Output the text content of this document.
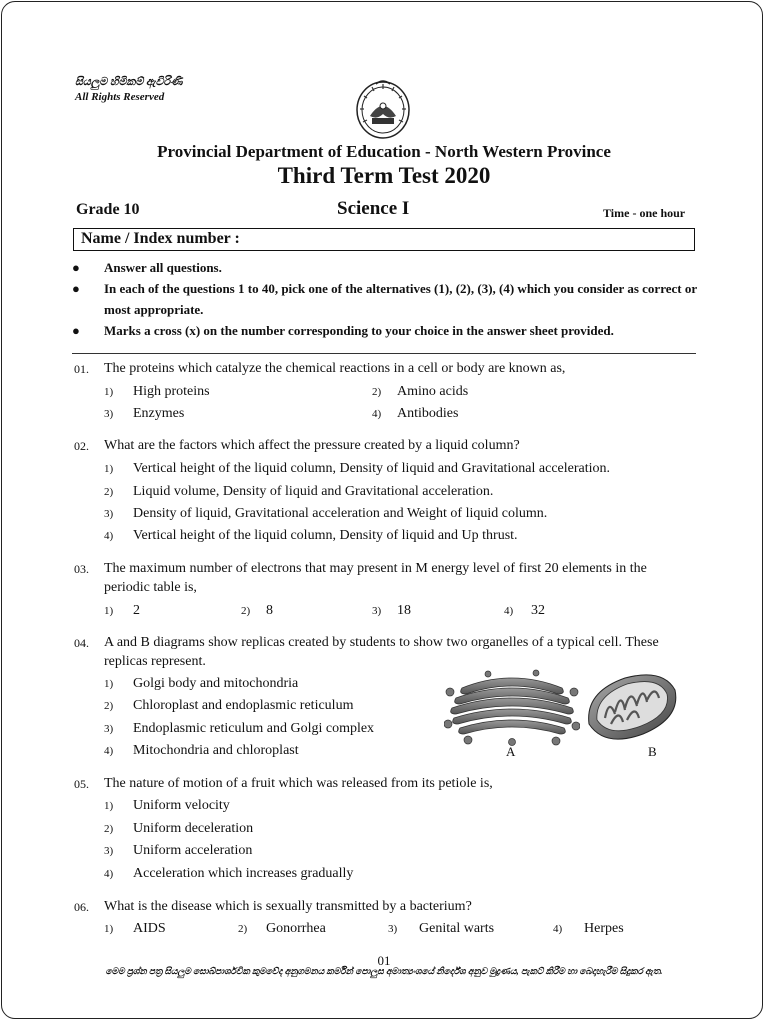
සියලුම හිමිකම් ඇවිරිණි
All Rights Reserved
Provincial Department of Education - North Western Province
Third Term Test 2020
Grade 10	Science I	Time - one hour
Name / Index number :
● Answer all questions.
● In each of the questions 1 to 40, pick one of the alternatives (1), (2), (3), (4) which you consider as correct or most appropriate.
● Marks a cross (x) on the number corresponding to your choice in the answer sheet provided.
01. The proteins which catalyze the chemical reactions in a cell or body are known as,
1) High proteins	2) Amino acids
3) Enzymes	4) Antibodies
02. What are the factors which affect the pressure created by a liquid column?
1) Vertical height of the liquid column, Density of liquid and Gravitational acceleration.
2) Liquid volume, Density of liquid and Gravitational acceleration.
3) Density of liquid, Gravitational acceleration and Weight of liquid column.
4) Vertical height of the liquid column, Density of liquid and Up thrust.
03. The maximum number of electrons that may present in M energy level of first 20 elements in the
periodic table is,
1) 2	2) 8	3) 18	4) 32
04. A and B diagrams show replicas created by students to show two organelles of a typical cell. These
replicas represent.
1) Golgi body and mitochondria
2) Chloroplast and endoplasmic reticulum
3) Endoplasmic reticulum and Golgi complex
4) Mitochondria and chloroplast	A	B
05. The nature of motion of a fruit which was released from its petiole is,
1) Uniform velocity
2) Uniform deceleration
3) Uniform acceleration
4) Acceleration which increases gradually
06. What is the disease which is sexually transmitted by a bacterium?
1) AIDS	2) Gonorrhea	3) Genital warts	4) Herpes
01
මෙම ප්‍රශ්න පත්‍ර සියලුම සොබ්පාර්ශවික කුමවේද අනුගමනය කර්මින් පොලුස අමාත්‍යංශයේ නිර්දේශ අනුව මුද්‍රණය, පැකට් කිරීම හා බෙදාහැරීම සිදුකර ඇත.
